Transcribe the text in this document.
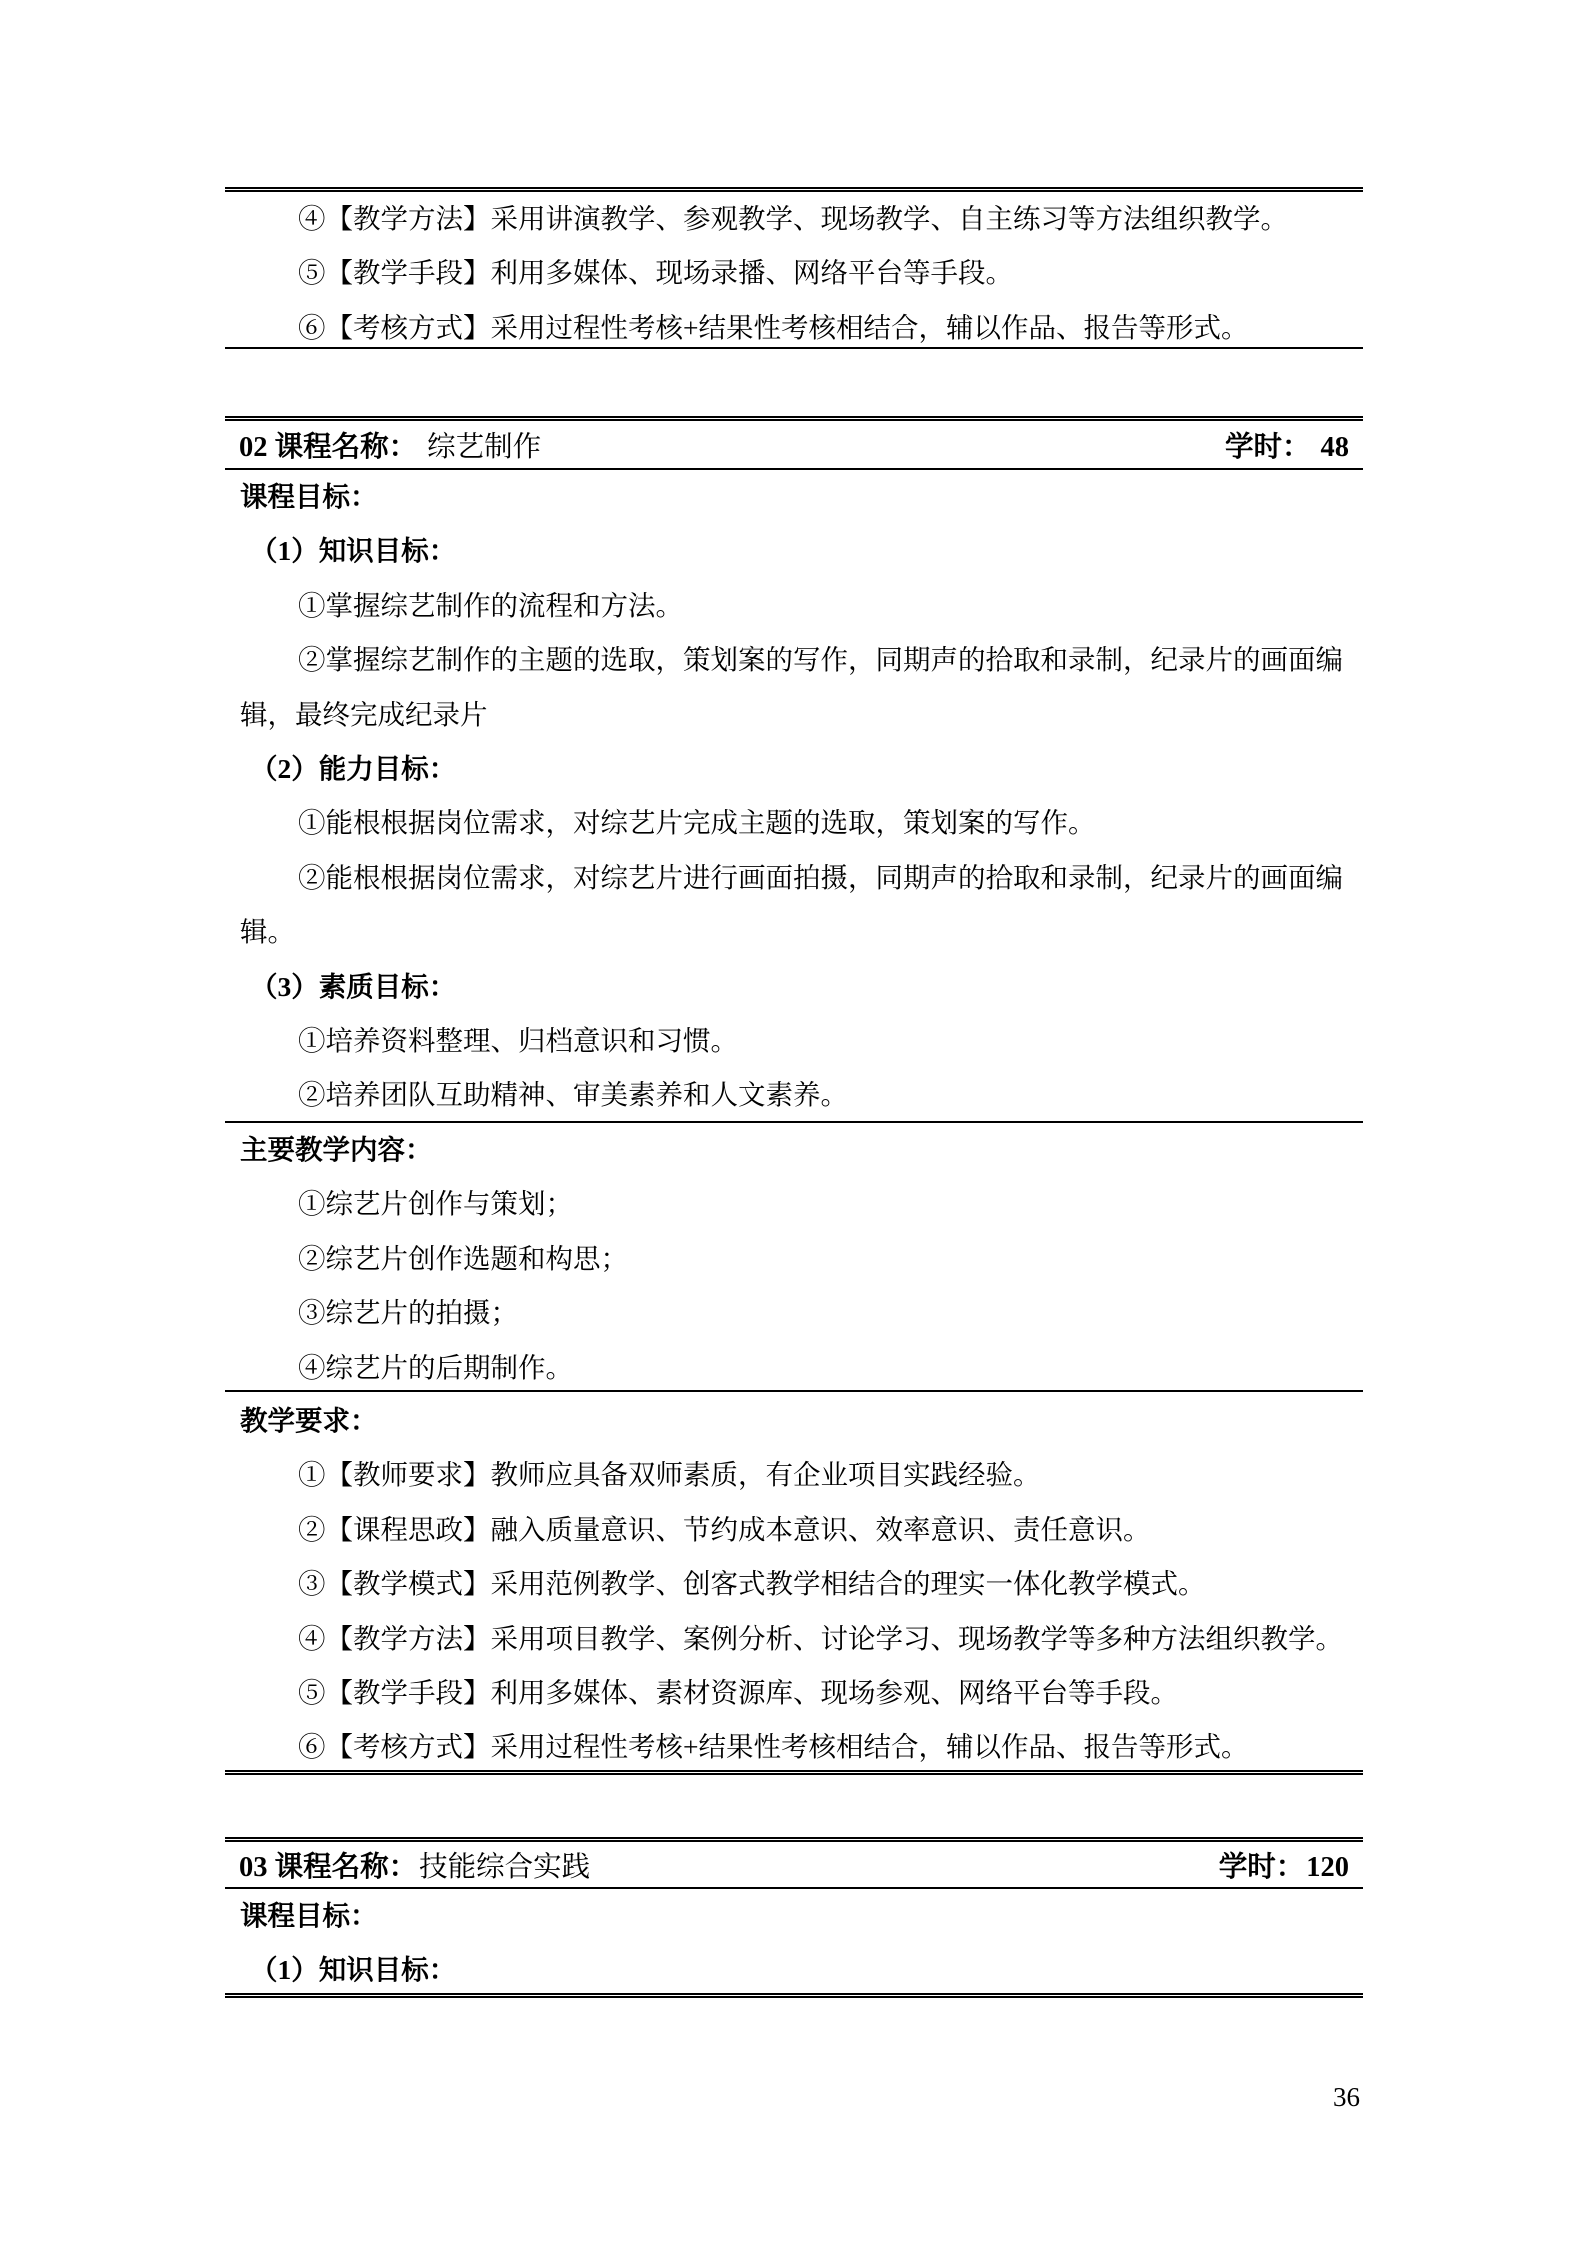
④【教学方法】采用讲演教学、参观教学、现场教学、自主练习等方法组织教学。

⑤【教学手段】利用多媒体、现场录播、网络平台等手段。

⑥【考核方式】采用过程性考核+结果性考核相结合，辅以作品、报告等形式。

02 课程名称： 综艺制作	学时： 48

课程目标：

（1）知识目标：

①掌握综艺制作的流程和方法。

②掌握综艺制作的主题的选取，策划案的写作，同期声的拾取和录制，纪录片的画面编辑，最终完成纪录片

（2）能力目标：

①能根根据岗位需求，对综艺片完成主题的选取，策划案的写作。

②能根根据岗位需求，对综艺片进行画面拍摄，同期声的拾取和录制，纪录片的画面编辑。

（3）素质目标：

①培养资料整理、归档意识和习惯。

②培养团队互助精神、审美素养和人文素养。

主要教学内容：

①综艺片创作与策划；

②综艺片创作选题和构思；

③综艺片的拍摄；

④综艺片的后期制作。

教学要求：

①【教师要求】教师应具备双师素质，有企业项目实践经验。

②【课程思政】融入质量意识、节约成本意识、效率意识、责任意识。

③【教学模式】采用范例教学、创客式教学相结合的理实一体化教学模式。

④【教学方法】采用项目教学、案例分析、讨论学习、现场教学等多种方法组织教学。

⑤【教学手段】利用多媒体、素材资源库、现场参观、网络平台等手段。

⑥【考核方式】采用过程性考核+结果性考核相结合，辅以作品、报告等形式。

03 课程名称：技能综合实践	学时：120

课程目标：

（1）知识目标：

36
